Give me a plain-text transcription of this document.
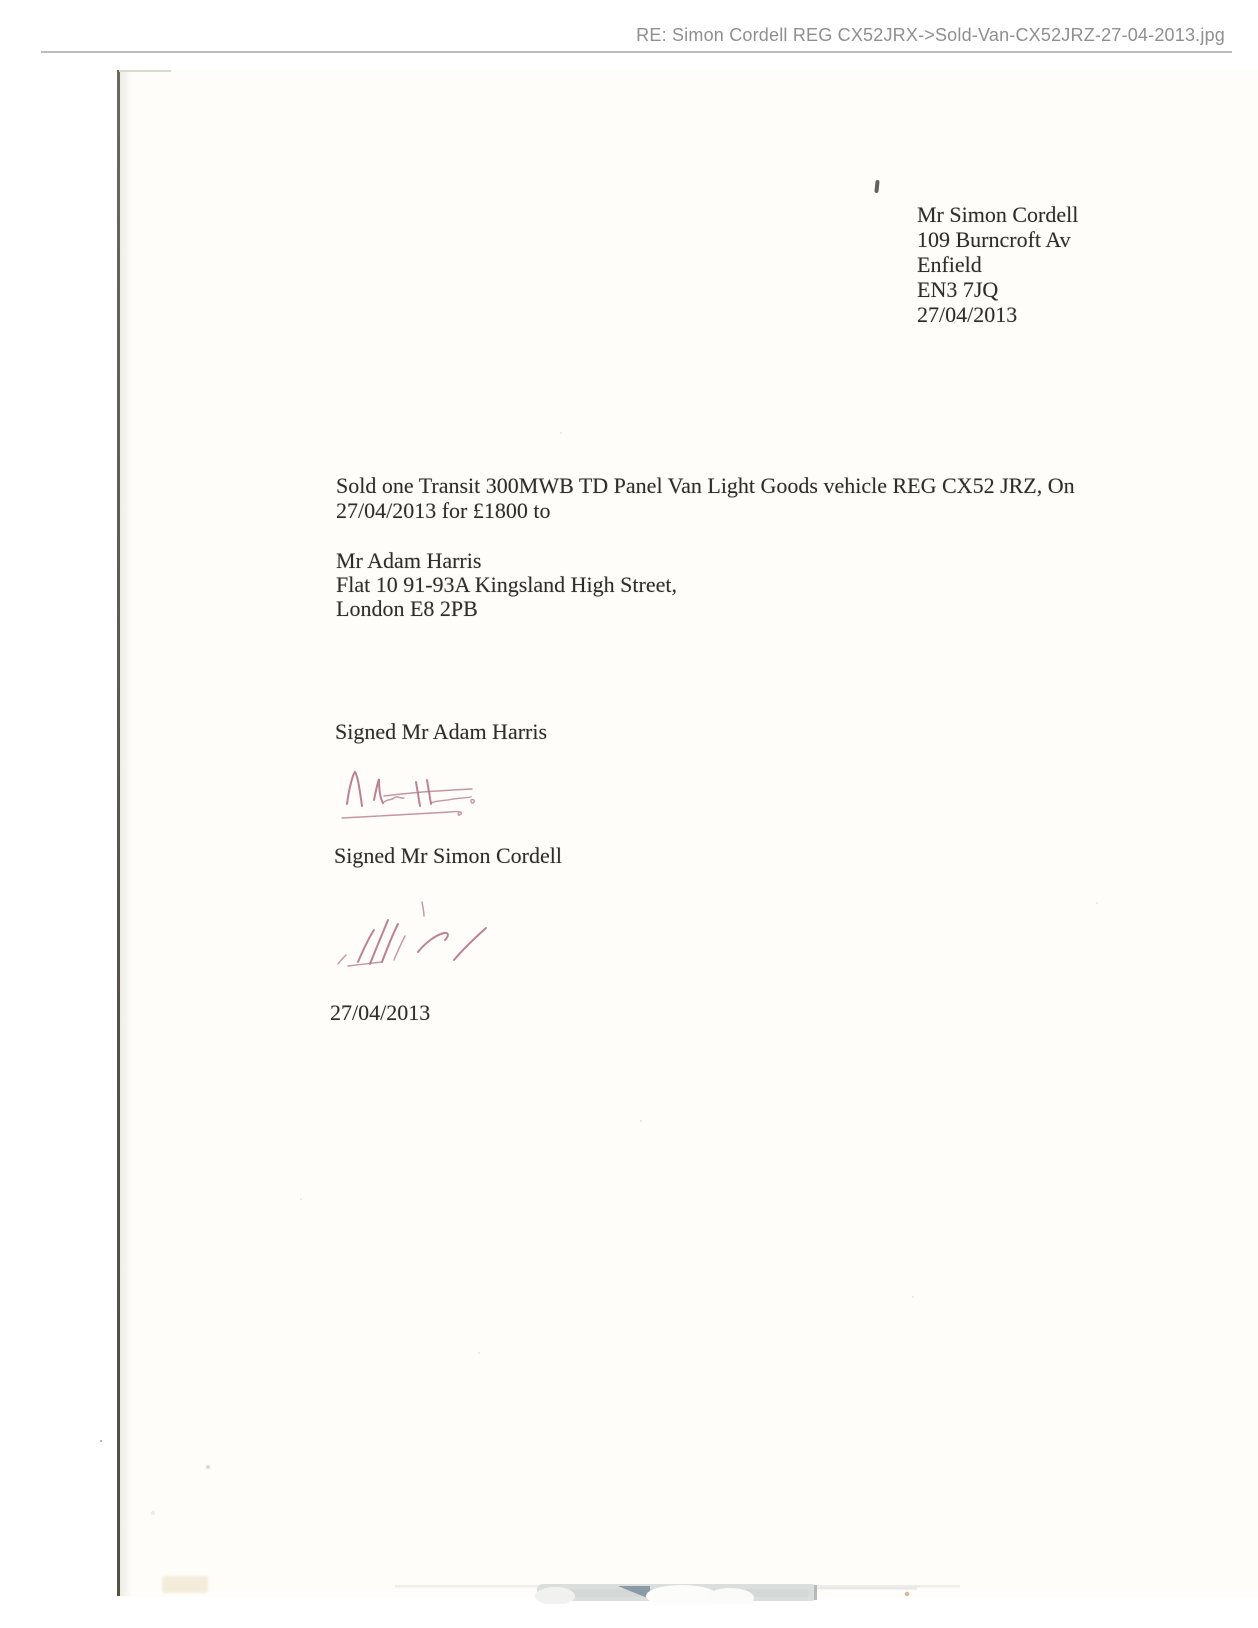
RE: Simon Cordell REG CX52JRX->Sold-Van-CX52JRZ-27-04-2013.jpg
Mr Simon Cordell
109 Burncroft Av
Enfield
EN3 7JQ
27/04/2013
Sold one Transit 300MWB TD Panel Van Light Goods vehicle REG CX52 JRZ, On
27/04/2013 for £1800 to
Mr Adam Harris
Flat 10 91-93A Kingsland High Street,
London E8 2PB
Signed Mr Adam Harris
Signed Mr Simon Cordell
27/04/2013
